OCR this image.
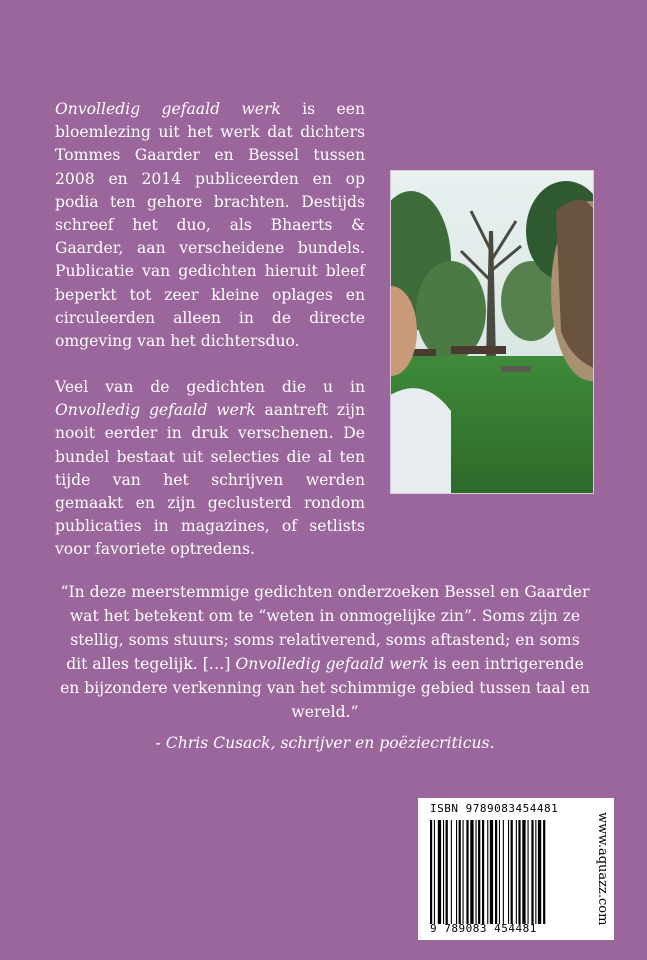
Onvolledig gefaald werk is een bloemlezing uit het werk dat dichters Tommes Gaarder en Bessel tussen 2008 en 2014 publiceerden en op podia ten gehore brachten. Destijds schreef het duo, als Bhaerts & Gaarder, aan verscheidene bundels. Publicatie van gedichten hieruit bleef beperkt tot zeer kleine oplages en circuleerden alleen in de directe omgeving van het dichtersduo.

Veel van de gedichten die u in Onvolledig gefaald werk aantreft zijn nooit eerder in druk verschenen. De bundel bestaat uit selecties die al ten tijde van het schrijven werden gemaakt en zijn geclusterd rondom publicaties in magazines, of setlists voor favoriete optredens.

“In deze meerstemmige gedichten onderzoeken Bessel en Gaarder wat het betekent om te “weten in onmogelijke zin”. Soms zijn ze stellig, soms stuurs; soms relativerend, soms aftastend; en soms dit alles tegelijk. […] Onvolledig gefaald werk is een intrigerende en bijzondere verkenning van het schimmige gebied tussen taal en wereld.”

- Chris Cusack, schrijver en poëziecriticus.

ISBN 9789083454481
9 789083 454481
www.aquazz.com
